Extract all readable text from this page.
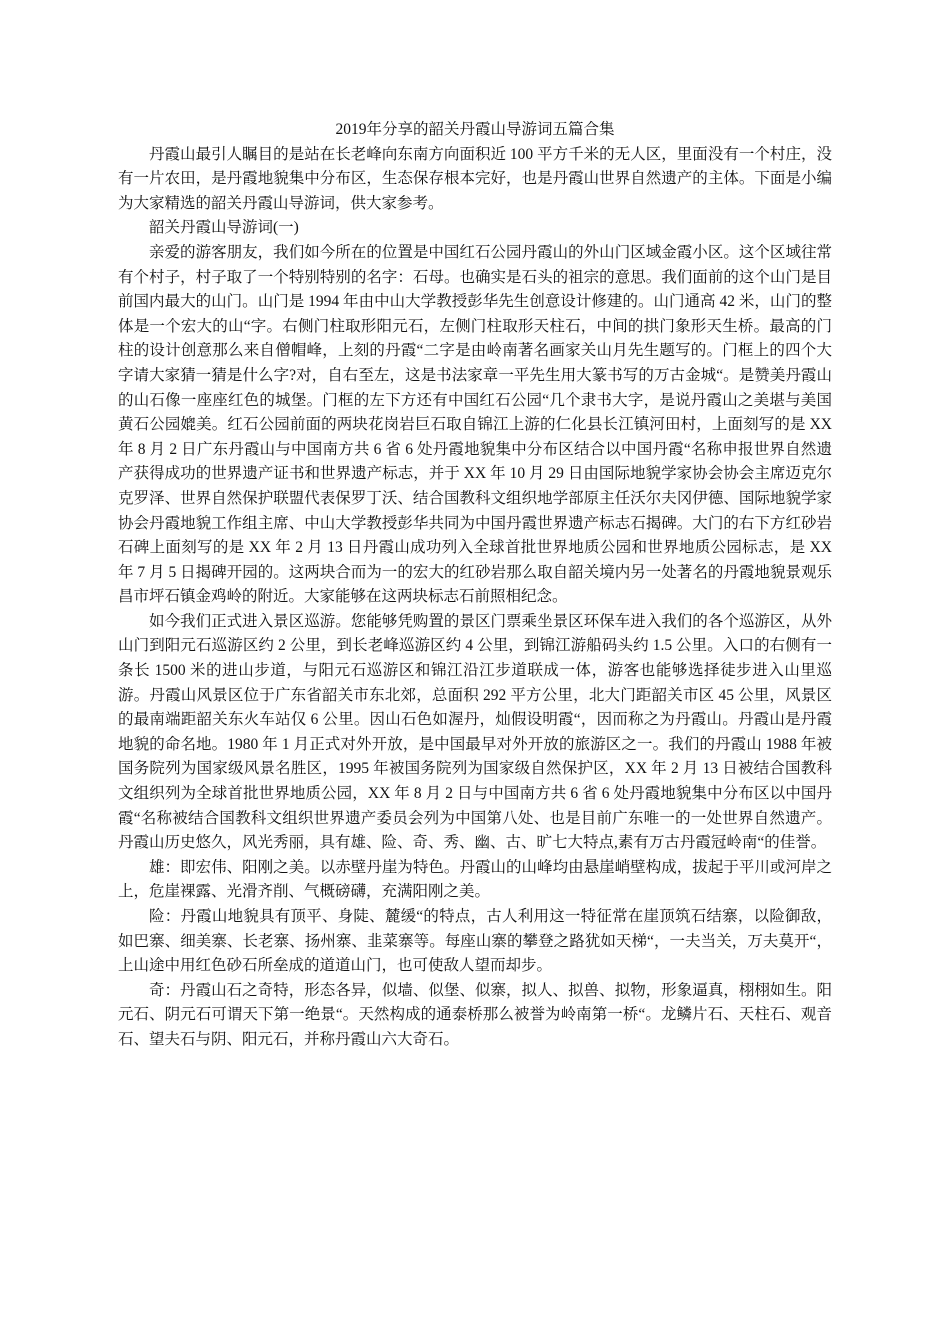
2019年分享的韶关丹霞山导游词五篇合集

丹霞山最引人瞩目的是站在长老峰向东南方向面积近 100 平方千米的无人区，里面没有一个村庄，没有一片农田，是丹霞地貌集中分布区，生态保存根本完好，也是丹霞山世界自然遗产的主体。下面是小编为大家精选的韶关丹霞山导游词，供大家参考。

韶关丹霞山导游词(一)

亲爱的游客朋友，我们如今所在的位置是中国红石公园丹霞山的外山门区域金霞小区。这个区域往常有个村子，村子取了一个特别特别的名字：石母。也确实是石头的祖宗的意思。我们面前的这个山门是目前国内最大的山门。山门是 1994 年由中山大学教授彭华先生创意设计修建的。山门通高 42 米，山门的整体是一个宏大的山“字。右侧门柱取形阳元石，左侧门柱取形天柱石，中间的拱门象形天生桥。最高的门柱的设计创意那么来自僧帽峰，上刻的丹霞“二字是由岭南著名画家关山月先生题写的。门框上的四个大字请大家猜一猜是什么字?对，自右至左，这是书法家章一平先生用大篆书写的万古金城“。是赞美丹霞山的山石像一座座红色的城堡。门框的左下方还有中国红石公园“几个隶书大字，是说丹霞山之美堪与美国黄石公园媲美。红石公园前面的两块花岗岩巨石取自锦江上游的仁化县长江镇河田村，上面刻写的是 XX 年 8 月 2 日广东丹霞山与中国南方共 6 省 6 处丹霞地貌集中分布区结合以中国丹霞“名称申报世界自然遗产获得成功的世界遗产证书和世界遗产标志，并于 XX 年 10 月 29 日由国际地貌学家协会协会主席迈克尔克罗泽、世界自然保护联盟代表保罗丁沃、结合国教科文组织地学部原主任沃尔夫冈伊德、国际地貌学家协会丹霞地貌工作组主席、中山大学教授彭华共同为中国丹霞世界遗产标志石揭碑。大门的右下方红砂岩石碑上面刻写的是 XX 年 2 月 13 日丹霞山成功列入全球首批世界地质公园和世界地质公园标志，是 XX 年 7 月 5 日揭碑开园的。这两块合而为一的宏大的红砂岩那么取自韶关境内另一处著名的丹霞地貌景观乐昌市坪石镇金鸡岭的附近。大家能够在这两块标志石前照相纪念。

如今我们正式进入景区巡游。您能够凭购置的景区门票乘坐景区环保车进入我们的各个巡游区，从外山门到阳元石巡游区约 2 公里，到长老峰巡游区约 4 公里，到锦江游船码头约 1.5 公里。入口的右侧有一条长 1500 米的进山步道，与阳元石巡游区和锦江沿江步道联成一体，游客也能够选择徒步进入山里巡游。丹霞山风景区位于广东省韶关市东北郊，总面积 292 平方公里，北大门距韶关市区 45 公里，风景区的最南端距韶关东火车站仅 6 公里。因山石色如渥丹，灿假设明霞“，因而称之为丹霞山。丹霞山是丹霞地貌的命名地。1980 年 1 月正式对外开放，是中国最早对外开放的旅游区之一。我们的丹霞山 1988 年被国务院列为国家级风景名胜区，1995 年被国务院列为国家级自然保护区，XX 年 2 月 13 日被结合国教科文组织列为全球首批世界地质公园，XX 年 8 月 2 日与中国南方共 6 省 6 处丹霞地貌集中分布区以中国丹霞“名称被结合国教科文组织世界遗产委员会列为中国第八处、也是目前广东唯一的一处世界自然遗产。丹霞山历史悠久，风光秀丽，具有雄、险、奇、秀、幽、古、旷七大特点,素有万古丹霞冠岭南“的佳誉。

雄：即宏伟、阳刚之美。以赤壁丹崖为特色。丹霞山的山峰均由悬崖峭壁构成，拔起于平川或河岸之上，危崖裸露、光滑齐削、气概磅礴，充满阳刚之美。

险：丹霞山地貌具有顶平、身陡、麓缓“的特点，古人利用这一特征常在崖顶筑石结寨，以险御敌，如巴寨、细美寨、长老寨、扬州寨、韭菜寨等。每座山寨的攀登之路犹如天梯“，一夫当关，万夫莫开“，上山途中用红色砂石所垒成的道道山门，也可使敌人望而却步。

奇：丹霞山石之奇特，形态各异，似墙、似堡、似寨，拟人、拟兽、拟物，形象逼真，栩栩如生。阳元石、阴元石可谓天下第一绝景“。天然构成的通泰桥那么被誉为岭南第一桥“。龙鳞片石、天柱石、观音石、望夫石与阴、阳元石，并称丹霞山六大奇石。
